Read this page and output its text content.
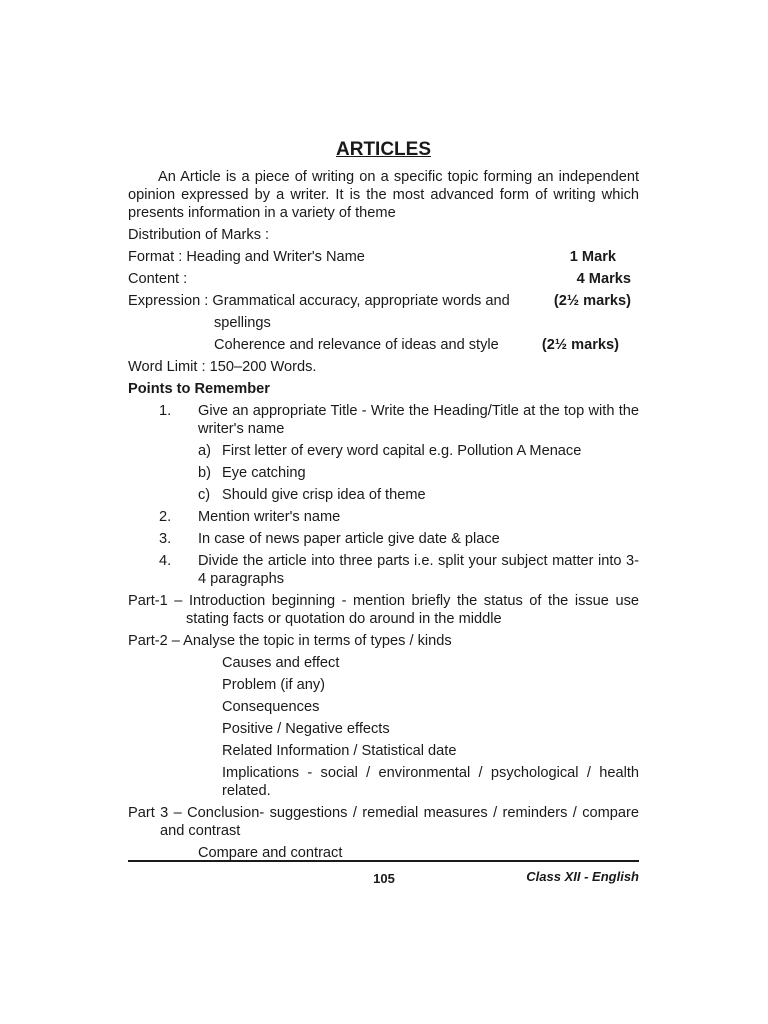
ARTICLES

An Article is a piece of writing on a specific topic forming an independent opinion expressed by a writer. It is the most advanced form of writing which presents information in a variety of theme

Distribution of Marks :
Format : Heading and Writer's Name	1 Mark
Content :	4 Marks
Expression : Grammatical accuracy, appropriate words and	(2½ marks)
spellings
Coherence and relevance of ideas and style	(2½ marks)
Word Limit : 150–200 Words.
Points to Remember
1.	Give an appropriate Title - Write the Heading/Title at the top with the writer's name
a) First letter of every word capital e.g. Pollution A Menace
b) Eye catching
c) Should give crisp idea of theme
2.	Mention writer's name
3.	In case of news paper article give date & place
4.	Divide the article into three parts i.e. split your subject matter into 3-4 paragraphs
Part-1 – Introduction beginning - mention briefly the status of the issue use stating facts or quotation do around in the middle
Part-2 – Analyse the topic in terms of types / kinds
Causes and effect
Problem (if any)
Consequences
Positive / Negative effects
Related Information / Statistical date
Implications - social / environmental / psychological / health related.
Part 3 – Conclusion- suggestions / remedial measures / reminders / compare and contrast
Compare and contract
105	Class XII - English
